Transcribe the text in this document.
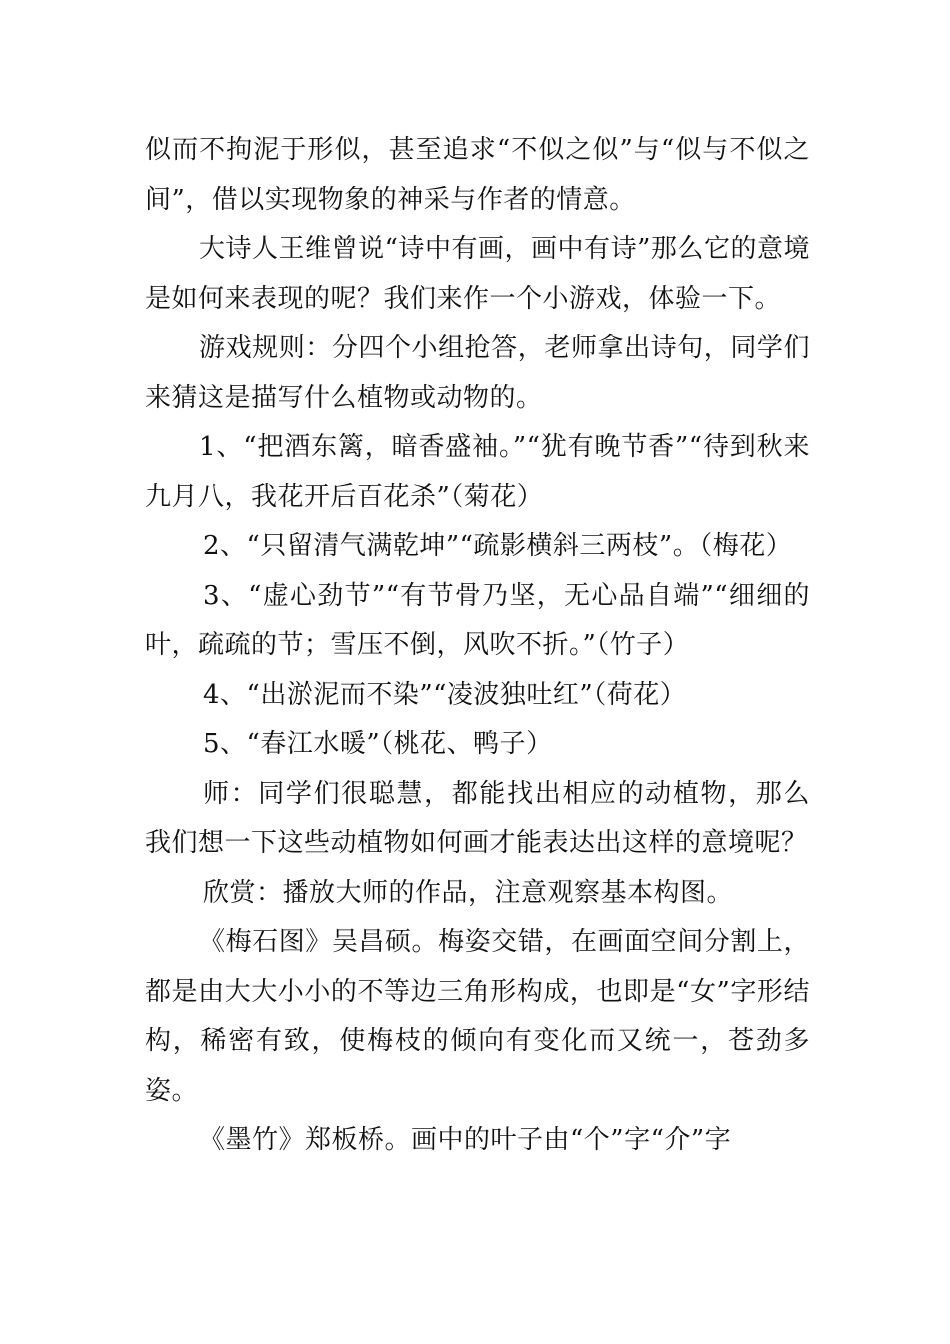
似而不拘泥于形似，甚至追求“不似之似”与“似与不似之间”，借以实现物象的神采与作者的情意。

大诗人王维曾说“诗中有画，画中有诗”那么它的意境是如何来表现的呢？我们来作一个小游戏，体验一下。

游戏规则：分四个小组抢答，老师拿出诗句，同学们来猜这是描写什么植物或动物的。

1、“把酒东篱，暗香盛袖。”“犹有晚节香”“待到秋来九月八，我花开后百花杀”（菊花）

2、“只留清气满乾坤”“疏影横斜三两枝”。（梅花）

3、“虚心劲节”“有节骨乃坚，无心品自端”“细细的叶，疏疏的节；雪压不倒，风吹不折。”（竹子）

4、“出淤泥而不染”“凌波独吐红”（荷花）

5、“春江水暖”（桃花、鸭子）

师：同学们很聪慧，都能找出相应的动植物，那么我们想一下这些动植物如何画才能表达出这样的意境呢？

欣赏：播放大师的作品，注意观察基本构图。

《梅石图》吴昌硕。梅姿交错，在画面空间分割上，都是由大大小小的不等边三角形构成，也即是“女”字形结构，稀密有致，使梅枝的倾向有变化而又统一，苍劲多姿。

《墨竹》郑板桥。画中的叶子由“个”字“介”字
